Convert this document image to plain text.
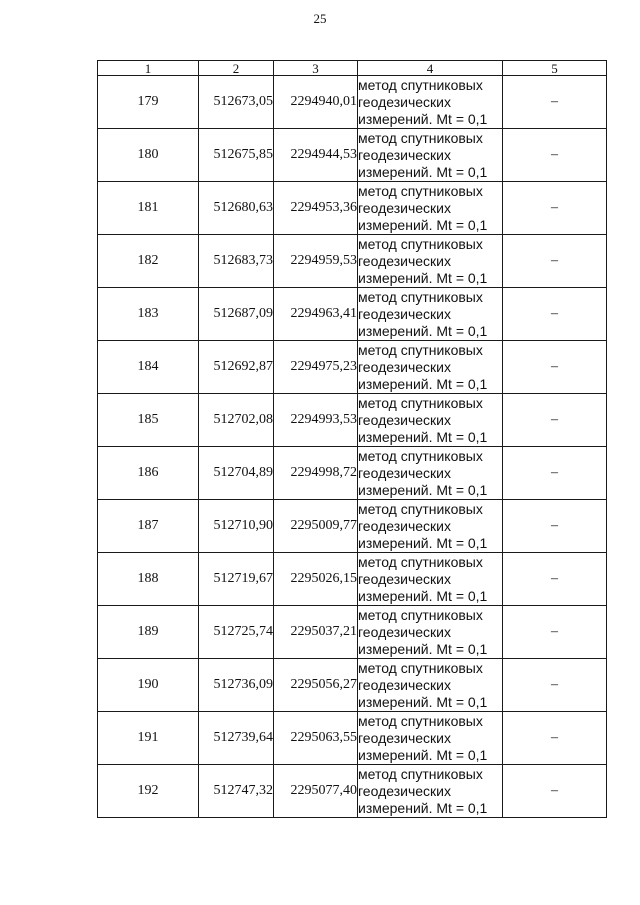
25
1	2	3	4	5
179	512673,05	2294940,01	метод спутниковых
геодезических
измерений. Mt = 0,1	–
180	512675,85	2294944,53	метод спутниковых
геодезических
измерений. Mt = 0,1	–
181	512680,63	2294953,36	метод спутниковых
геодезических
измерений. Mt = 0,1	–
182	512683,73	2294959,53	метод спутниковых
геодезических
измерений. Mt = 0,1	–
183	512687,09	2294963,41	метод спутниковых
геодезических
измерений. Mt = 0,1	–
184	512692,87	2294975,23	метод спутниковых
геодезических
измерений. Mt = 0,1	–
185	512702,08	2294993,53	метод спутниковых
геодезических
измерений. Mt = 0,1	–
186	512704,89	2294998,72	метод спутниковых
геодезических
измерений. Mt = 0,1	–
187	512710,90	2295009,77	метод спутниковых
геодезических
измерений. Mt = 0,1	–
188	512719,67	2295026,15	метод спутниковых
геодезических
измерений. Mt = 0,1	–
189	512725,74	2295037,21	метод спутниковых
геодезических
измерений. Mt = 0,1	–
190	512736,09	2295056,27	метод спутниковых
геодезических
измерений. Mt = 0,1	–
191	512739,64	2295063,55	метод спутниковых
геодезических
измерений. Mt = 0,1	–
192	512747,32	2295077,40	метод спутниковых
геодезических
измерений. Mt = 0,1	–
